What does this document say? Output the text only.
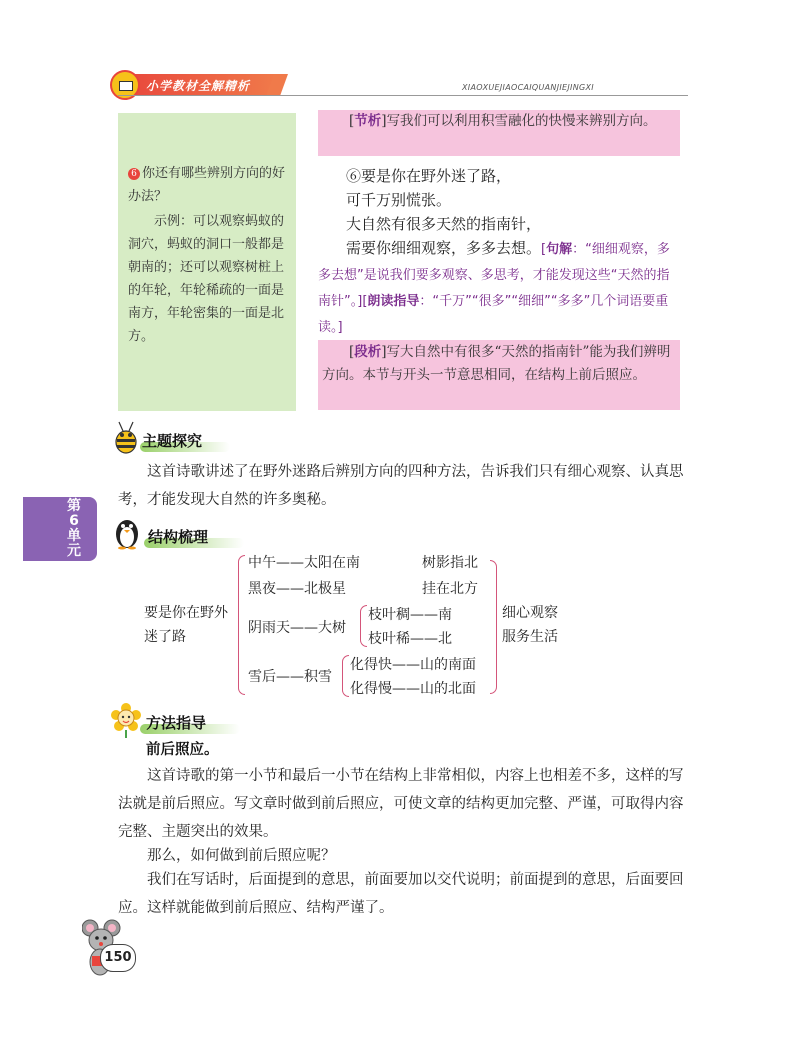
小学教材全解精析	XIAOXUEJIAOCAIQUANJIEJINGXI
6 你还有哪些辨别方向的好办法？
示例：可以观察蚂蚁的洞穴，蚂蚁的洞口一般都是朝南的；还可以观察树桩上的年轮，年轮稀疏的一面是南方，年轮密集的一面是北方。
[节析]写我们可以利用积雪融化的快慢来辨别方向。
⑥要是你在野外迷了路，
可千万别慌张。
大自然有很多天然的指南针，
需要你细细观察，多多去想。[句解：“细细观察，多多去想”是说我们要多观察、多思考，才能发现这些“天然的指南针”。][朗读指导：“千万”“很多”“细细”“多多”几个词语要重读。]
[段析]写大自然中有很多“天然的指南针”能为我们辨明方向。本节与开头一节意思相同，在结构上前后照应。
第6单元
主题探究
这首诗歌讲述了在野外迷路后辨别方向的四种方法，告诉我们只有细心观察、认真思考，才能发现大自然的许多奥秘。
结构梳理
要是你在野外
迷了路
中午——太阳在南	树影指北
黑夜——北极星	挂在北方
阴雨天——大树
枝叶稠——南
枝叶稀——北
雪后——积雪
化得快——山的南面
化得慢——山的北面
细心观察
服务生活
方法指导
前后照应。
这首诗歌的第一小节和最后一小节在结构上非常相似，内容上也相差不多，这样的写法就是前后照应。写文章时做到前后照应，可使文章的结构更加完整、严谨，可取得内容完整、主题突出的效果。
那么，如何做到前后照应呢？
我们在写话时，后面提到的意思，前面要加以交代说明；前面提到的意思，后面要回应。这样就能做到前后照应、结构严谨了。
150
